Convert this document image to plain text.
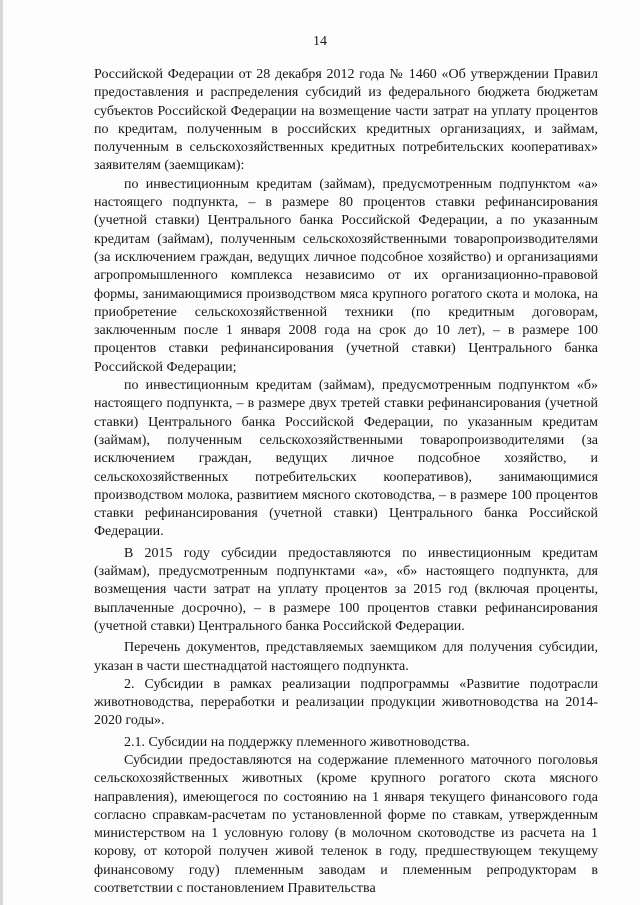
14

Российской Федерации от 28 декабря 2012 года № 1460 «Об утверждении Правил предоставления и распределения субсидий из федерального бюджета бюджетам субъектов Российской Федерации на возмещение части затрат на уплату процентов по кредитам, полученным в российских кредитных организациях, и займам, полученным в сельскохозяйственных кредитных потребительских кооперативах» заявителям (заемщикам):

по инвестиционным кредитам (займам), предусмотренным подпунктом «а» настоящего подпункта, – в размере 80 процентов ставки рефинансирования (учетной ставки) Центрального банка Российской Федерации, а по указанным кредитам (займам), полученным сельскохозяйственными товаропроизводителями (за исключением граждан, ведущих личное подсобное хозяйство) и организациями агропромышленного комплекса независимо от их организационно-правовой формы, занимающимися производством мяса крупного рогатого скота и молока, на приобретение сельскохозяйственной техники (по кредитным договорам, заключенным после 1 января 2008 года на срок до 10 лет), – в размере 100 процентов ставки рефинансирования (учетной ставки) Центрального банка Российской Федерации;

по инвестиционным кредитам (займам), предусмотренным подпунктом «б» настоящего подпункта, – в размере двух третей ставки рефинансирования (учетной ставки) Центрального банка Российской Федерации, по указанным кредитам (займам), полученным сельскохозяйственными товаропроизводителями (за исключением граждан, ведущих личное подсобное хозяйство, и сельскохозяйственных потребительских кооперативов), занимающимися производством молока, развитием мясного скотоводства, – в размере 100 процентов ставки рефинансирования (учетной ставки) Центрального банка Российской Федерации.

В 2015 году субсидии предоставляются по инвестиционным кредитам (займам), предусмотренным подпунктами «а», «б» настоящего подпункта, для возмещения части затрат на уплату процентов за 2015 год (включая проценты, выплаченные досрочно), – в размере 100 процентов ставки рефинансирования (учетной ставки) Центрального банка Российской Федерации.

Перечень документов, представляемых заемщиком для получения субсидии, указан в части шестнадцатой настоящего подпункта.

2. Субсидии в рамках реализации подпрограммы «Развитие подотрасли животноводства, переработки и реализации продукции животноводства на 2014-2020 годы».

2.1. Субсидии на поддержку племенного животноводства.

Субсидии предоставляются на содержание племенного маточного поголовья сельскохозяйственных животных (кроме крупного рогатого скота мясного направления), имеющегося по состоянию на 1 января текущего финансового года согласно справкам-расчетам по установленной форме по ставкам, утвержденным министерством на 1 условную голову (в молочном скотоводстве из расчета на 1 корову, от которой получен живой теленок в году, предшествующем текущему финансовому году) племенным заводам и племенным репродукторам в соответствии с постановлением Правительства
